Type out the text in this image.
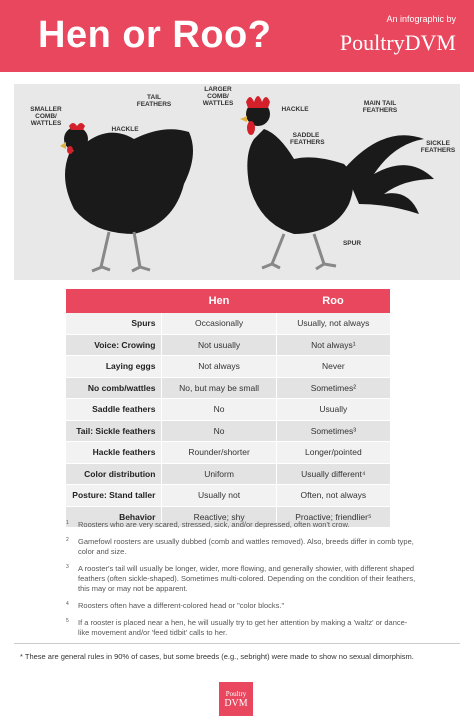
Hen or Roo?	An infographic by
PoultryDVM
SMALLER COMB/ WATTLES
TAIL FEATHERS
HACKLE
LARGER COMB/ WATTLES
HACKLE
MAIN TAIL FEATHERS
SADDLE FEATHERS	SICKLE FEATHERS
SPUR
Hen	Roo
Spurs	Occasionally	Usually, not always
Voice: Crowing	Not usually	Not always¹
Laying eggs	Not always	Never
No comb/wattles	No, but may be small	Sometimes²
Saddle feathers	No	Usually
Tail: Sickle feathers	No	Sometimes³
Hackle feathers	Rounder/shorter	Longer/pointed
Color distribution	Uniform	Usually different⁴
Posture: Stand taller	Usually not	Often, not always
Behavior	Reactive; shy	Proactive; friendlier⁵
1 Roosters who are very scared, stressed, sick, and/or depressed, often won't crow.
2 Gamefowl roosters are usually dubbed (comb and wattles removed). Also, breeds differ in comb type, color and size.
3 A rooster's tail will usually be longer, wider, more flowing, and generally showier, with different shaped feathers (often sickle-shaped). Sometimes multi-colored. Depending on the condition of their feathers, this may or may not be apparent.
4 Roosters often have a different-colored head or "color blocks."
5 If a rooster is placed near a hen, he will usually try to get her attention by making a 'waltz' or dance-like movement and/or 'feed tidbit' calls to her.
* These are general rules in 90% of cases, but some breeds (e.g., sebright) were made to show no sexual dimorphism.
Poultry
DVM
